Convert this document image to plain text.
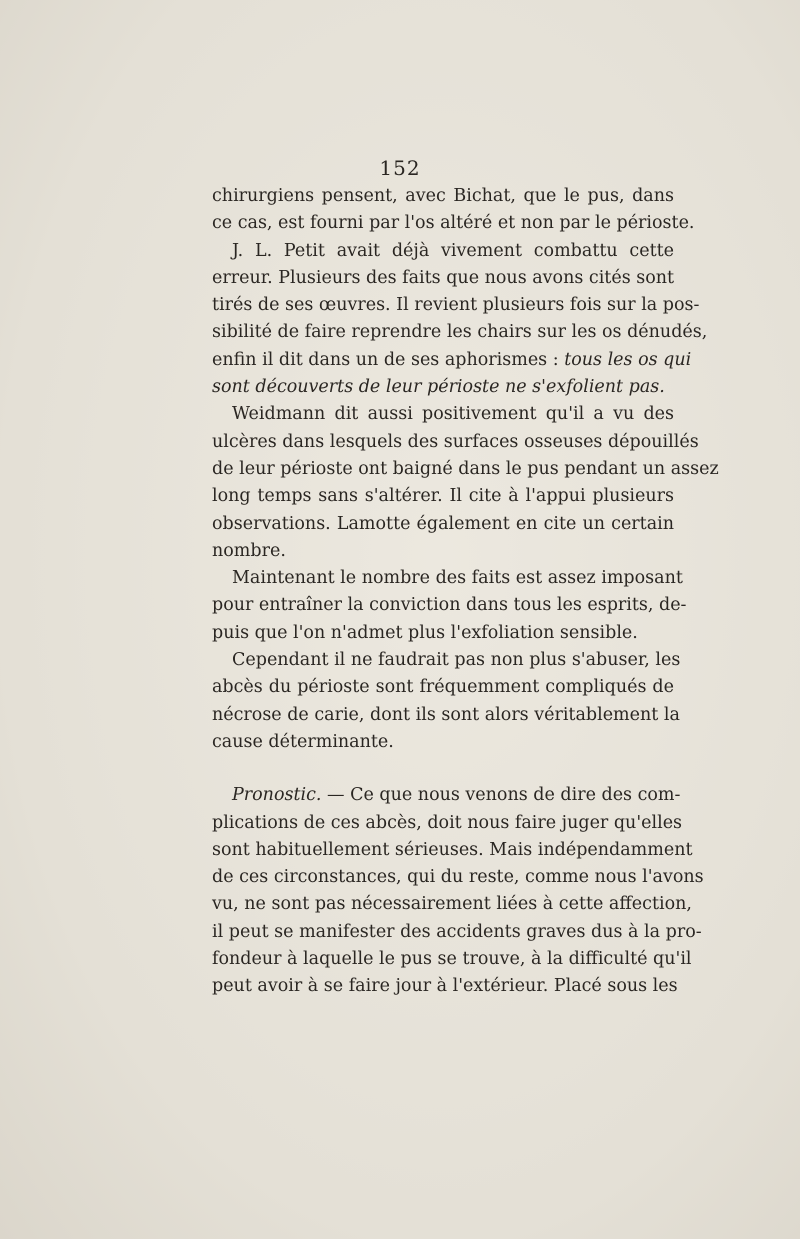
152
chirurgiens pensent, avec Bichat, que le pus, dans
ce cas, est fourni par l'os altéré et non par le périoste.
J. L. Petit avait déjà vivement combattu cette
erreur. Plusieurs des faits que nous avons cités sont
tirés de ses œuvres. Il revient plusieurs fois sur la pos-
sibilité de faire reprendre les chairs sur les os dénudés,
enfin il dit dans un de ses aphorismes : tous les os qui
sont découverts de leur périoste ne s'exfolient pas.
Weidmann dit aussi positivement qu'il a vu des
ulcères dans lesquels des surfaces osseuses dépouillés
de leur périoste ont baigné dans le pus pendant un assez
long temps sans s'altérer. Il cite à l'appui plusieurs
observations. Lamotte également en cite un certain
nombre.
Maintenant le nombre des faits est assez imposant
pour entraîner la conviction dans tous les esprits, de-
puis que l'on n'admet plus l'exfoliation sensible.
Cependant il ne faudrait pas non plus s'abuser, les
abcès du périoste sont fréquemment compliqués de
nécrose de carie, dont ils sont alors véritablement la
cause déterminante.
Pronostic. — Ce que nous venons de dire des com-
plications de ces abcès, doit nous faire juger qu'elles
sont habituellement sérieuses. Mais indépendamment
de ces circonstances, qui du reste, comme nous l'avons
vu, ne sont pas nécessairement liées à cette affection,
il peut se manifester des accidents graves dus à la pro-
fondeur à laquelle le pus se trouve, à la difficulté qu'il
peut avoir à se faire jour à l'extérieur. Placé sous les
